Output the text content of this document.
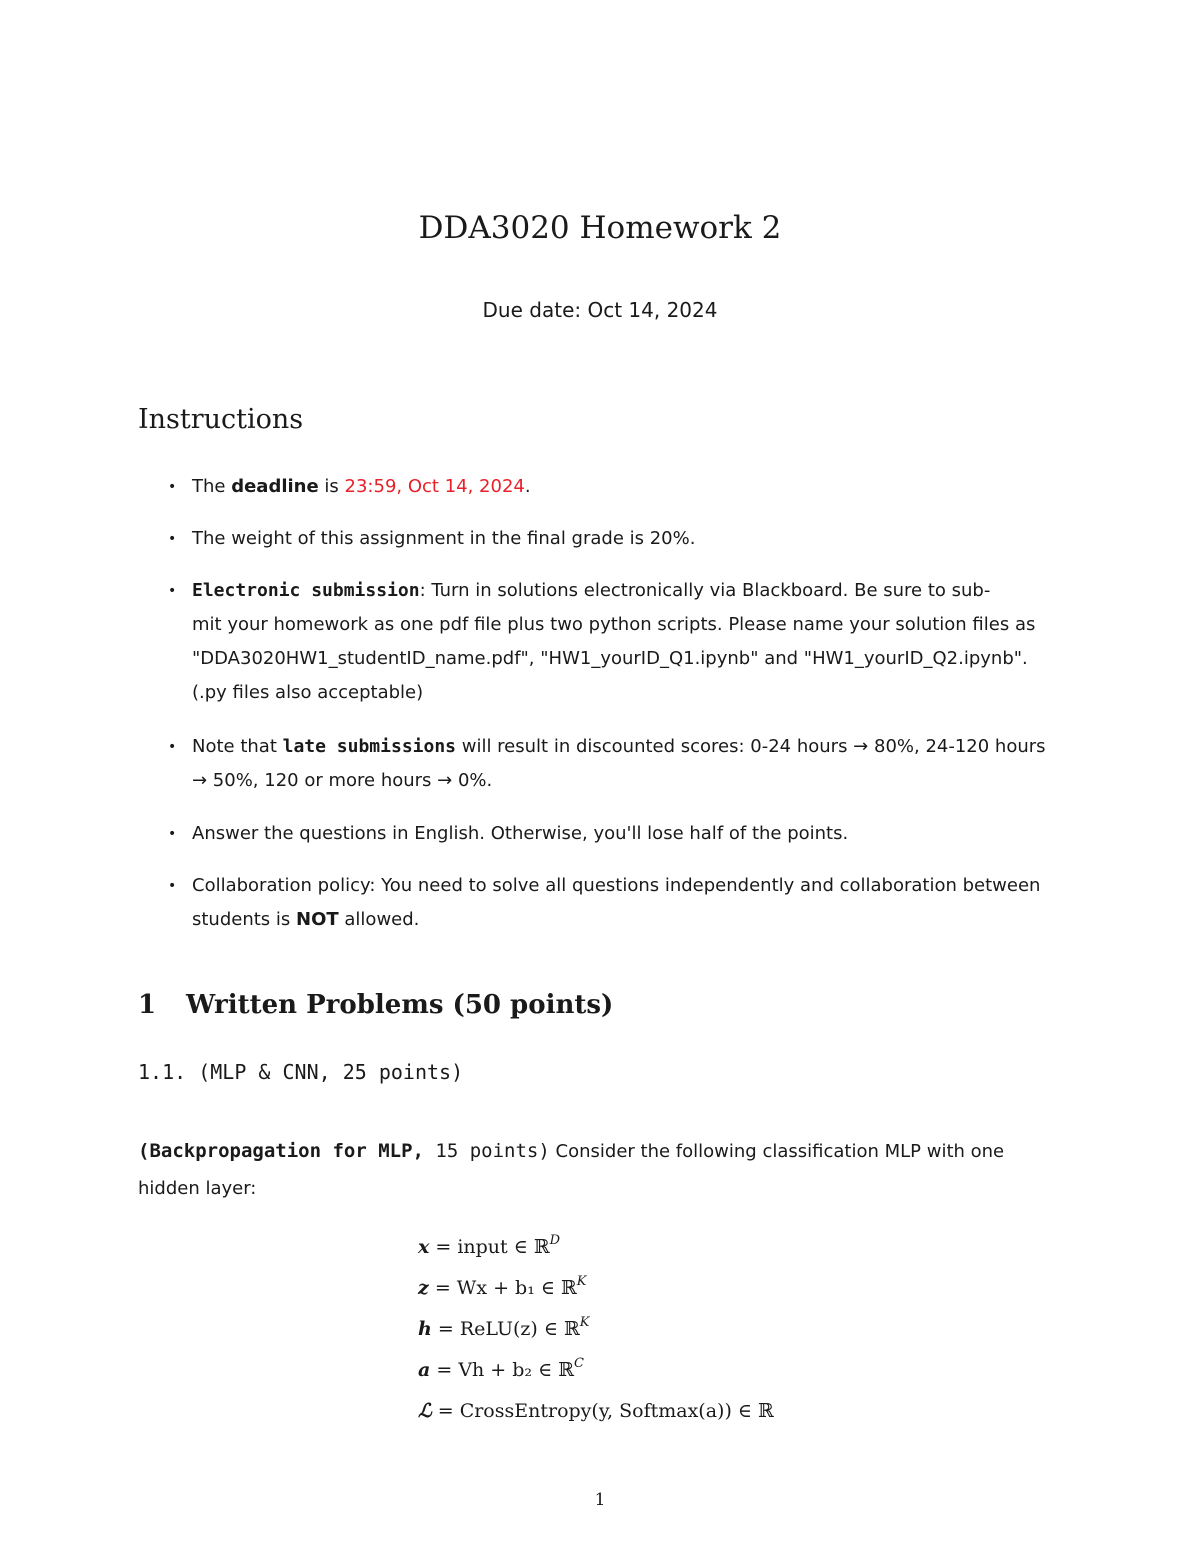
DDA3020 Homework 2
Due date: Oct 14, 2024
Instructions
• The deadline is 23:59, Oct 14, 2024.
• The weight of this assignment in the final grade is 20%.
• Electronic submission: Turn in solutions electronically via Blackboard. Be sure to sub-
mit your homework as one pdf file plus two python scripts. Please name your solution files as
"DDA3020HW1_studentID_name.pdf", "HW1_yourID_Q1.ipynb" and "HW1_yourID_Q2.ipynb".
(.py files also acceptable)
• Note that late submissions will result in discounted scores: 0-24 hours → 80%, 24-120 hours
→ 50%, 120 or more hours → 0%.
• Answer the questions in English. Otherwise, you'll lose half of the points.
• Collaboration policy: You need to solve all questions independently and collaboration between
students is NOT allowed.
1 Written Problems (50 points)
1.1. (MLP & CNN, 25 points)
(Backpropagation for MLP, 15 points) Consider the following classification MLP with one
hidden layer:
x = input ∈ ℝ$^D$
z = Wx + b₁ ∈ ℝ$^K$
h = ReLU(z) ∈ ℝ$^K$
a = Vh + b₂ ∈ ℝ$^C$
ℒ = CrossEntropy(y, Softmax(a)) ∈ ℝ
1
